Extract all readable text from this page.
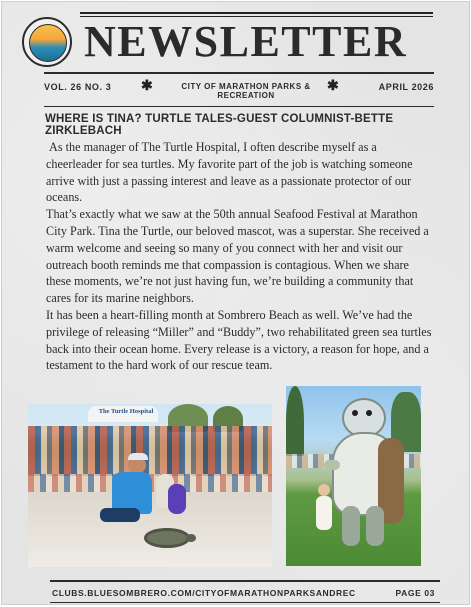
NEWSLETTER
VOL. 26 NO. 3 ✱	CITY OF MARATHON PARKS & RECREATION
✱	APRIL 2026
WHERE IS TINA? TURTLE TALES-GUEST COLUMNIST-BETTE ZIRKLEBACH

As the manager of The Turtle Hospital, I often describe myself as a cheerleader for sea turtles. My favorite part of the job is watching someone arrive with just a passing interest and leave as a passionate protector of our oceans.

That’s exactly what we saw at the 50th annual Seafood Festival at Marathon City Park. Tina the Turtle, our beloved mascot, was a superstar. She received a warm welcome and seeing so many of you connect with her and visit our outreach booth reminds me that compassion is contagious. When we share these moments, we’re not just having fun, we’re building a community that cares for its marine neighbors.

It has been a heart-filling month at Sombrero Beach as well. We’ve had the privilege of releasing “Miller” and “Buddy”, two rehabilitated green sea turtles back into their ocean home. Every release is a victory, a reason for hope, and a testament to the hard work of our rescue team.

The Turtle Hospital
CLUBS.BLUESOMBRERO.COM/CITYOFMARATHONPARKSANDREC	PAGE 03
